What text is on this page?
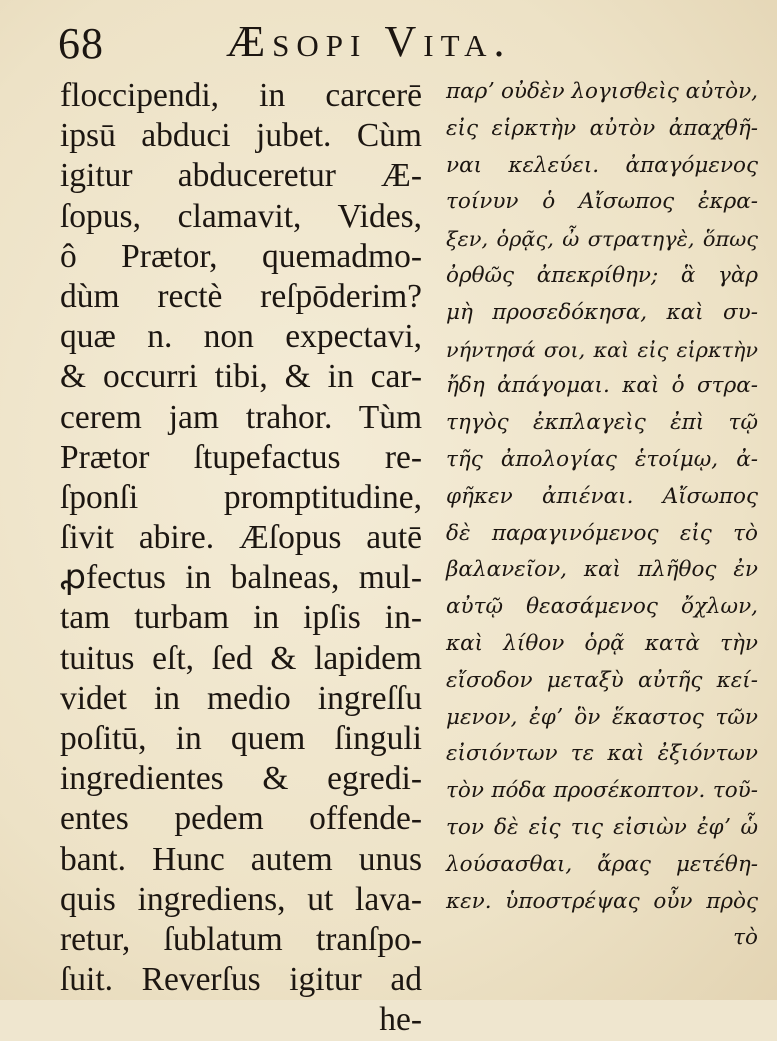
68	Æsopi Vita.
floccipendi, in carcerē
ipsū abduci jubet. Cùm
igitur abduceretur Æ-
ſopus, clamavit, Vides,
ô Prætor, quemadmo-
dùm rectè reſpōderim?
quæ n. non expectavi,
& occurri tibi, & in car-
cerem jam trahor. Tùm
Prætor ſtupefactus re-
ſponſi promptitudine,
ſivit abire. Æſopus autē
ꝓfectus in balneas, mul-
tam turbam in ipſis in-
tuitus eſt, ſed & lapidem
videt in medio ingreſſu
poſitū, in quem ſinguli
ingredientes & egredi-
entes pedem offende-
bant. Hunc autem unus
quis ingrediens, ut lava-
retur, ſublatum tranſpo-
ſuit. Reverſus igitur ad
he-
παρʼ οὐδὲν λογισθεὶς αὐτὸν,
εἰς εἱρκτὴν αὐτὸν ἀπαχθῆ-
ναι κελεύει. ἀπαγόμενος
τοίνυν ὁ Αἴσωπος ἐκρα-
ξεν, ὁρᾷς, ὦ στρατηγὲ, ὅπως
ὀρθῶς ἀπεκρίθην; ἃ γὰρ
μὴ προσεδόκησα, καὶ συ-
νήντησά σοι, καὶ εἰς εἱρκτὴν
ἤδη ἀπάγομαι. καὶ ὁ στρα-
τηγὸς ἐκπλαγεὶς ἐπὶ τῷ
τῆς ἀπολογίας ἑτοίμῳ, ἀ-
φῆκεν ἀπιέναι. Αἴσωπος
δὲ παραγινόμενος εἰς τὸ
βαλανεῖον, καὶ πλῆθος ἐν
αὐτῷ θεασάμενος ὄχλων,
καὶ λίθον ὁρᾷ κατὰ τὴν
εἴσοδον μεταξὺ αὐτῆς κεί-
μενον, ἐφʼ ὃν ἕκαστος τῶν
εἰσιόντων τε καὶ ἐξιόντων
τὸν πόδα προσέκοπτον. τοῦ-
τον δὲ εἰς τις εἰσιὼν ἐφʼ ὧ
λούσασθαι, ἄρας μετέθη-
κεν. ὑποστρέψας οὖν πρὸς
τὸ
